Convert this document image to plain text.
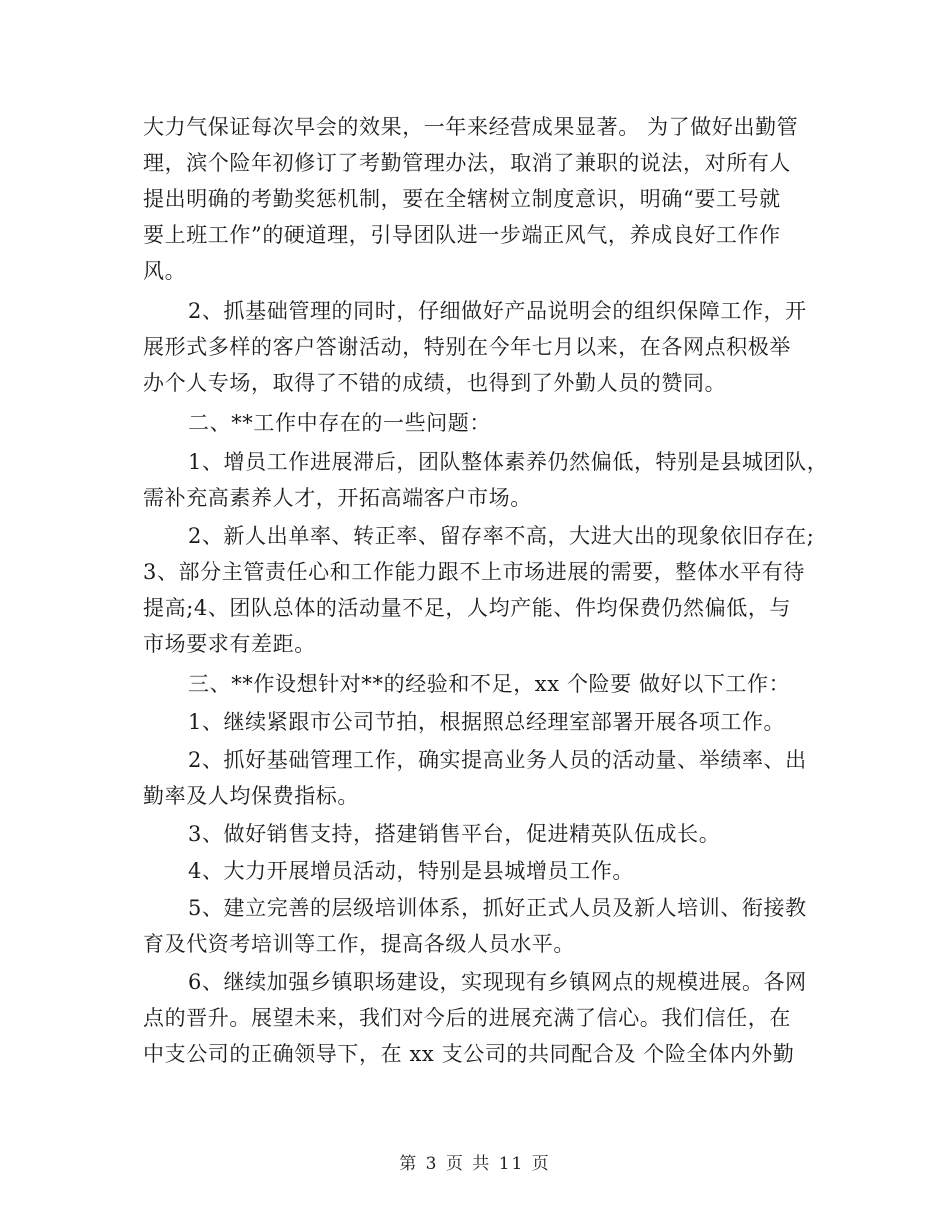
大力气保证每次早会的效果，一年来经营成果显著。 为了做好出勤管
理，滨个险年初修订了考勤管理办法，取消了兼职的说法，对所有人
提出明确的考勤奖惩机制，要在全辖树立制度意识，明确“要工号就
要上班工作”的硬道理，引导团队进一步端正风气，养成良好工作作
风。
2、抓基础管理的同时，仔细做好产品说明会的组织保障工作，开
展形式多样的客户答谢活动，特别在今年七月以来，在各网点积极举
办个人专场，取得了不错的成绩，也得到了外勤人员的赞同。
二、**工作中存在的一些问题：
1、增员工作进展滞后，团队整体素养仍然偏低，特别是县城团队，
需补充高素养人才，开拓高端客户市场。
2、新人出单率、转正率、留存率不高，大进大出的现象依旧存在;
3、部分主管责任心和工作能力跟不上市场进展的需要，整体水平有待
提高;4、团队总体的活动量不足，人均产能、件均保费仍然偏低，与
市场要求有差距。
三、**作设想针对**的经验和不足，xx 个险要 做好以下工作：
1、继续紧跟市公司节拍，根据照总经理室部署开展各项工作。
2、抓好基础管理工作，确实提高业务人员的活动量、举绩率、出
勤率及人均保费指标。
3、做好销售支持，搭建销售平台，促进精英队伍成长。
4、大力开展增员活动，特别是县城增员工作。
5、建立完善的层级培训体系，抓好正式人员及新人培训、衔接教
育及代资考培训等工作，提高各级人员水平。
6、继续加强乡镇职场建设，实现现有乡镇网点的规模进展。各网
点的晋升。展望未来，我们对今后的进展充满了信心。我们信任，在
中支公司的正确领导下，在 xx 支公司的共同配合及 个险全体内外勤
第 3 页 共 11 页
